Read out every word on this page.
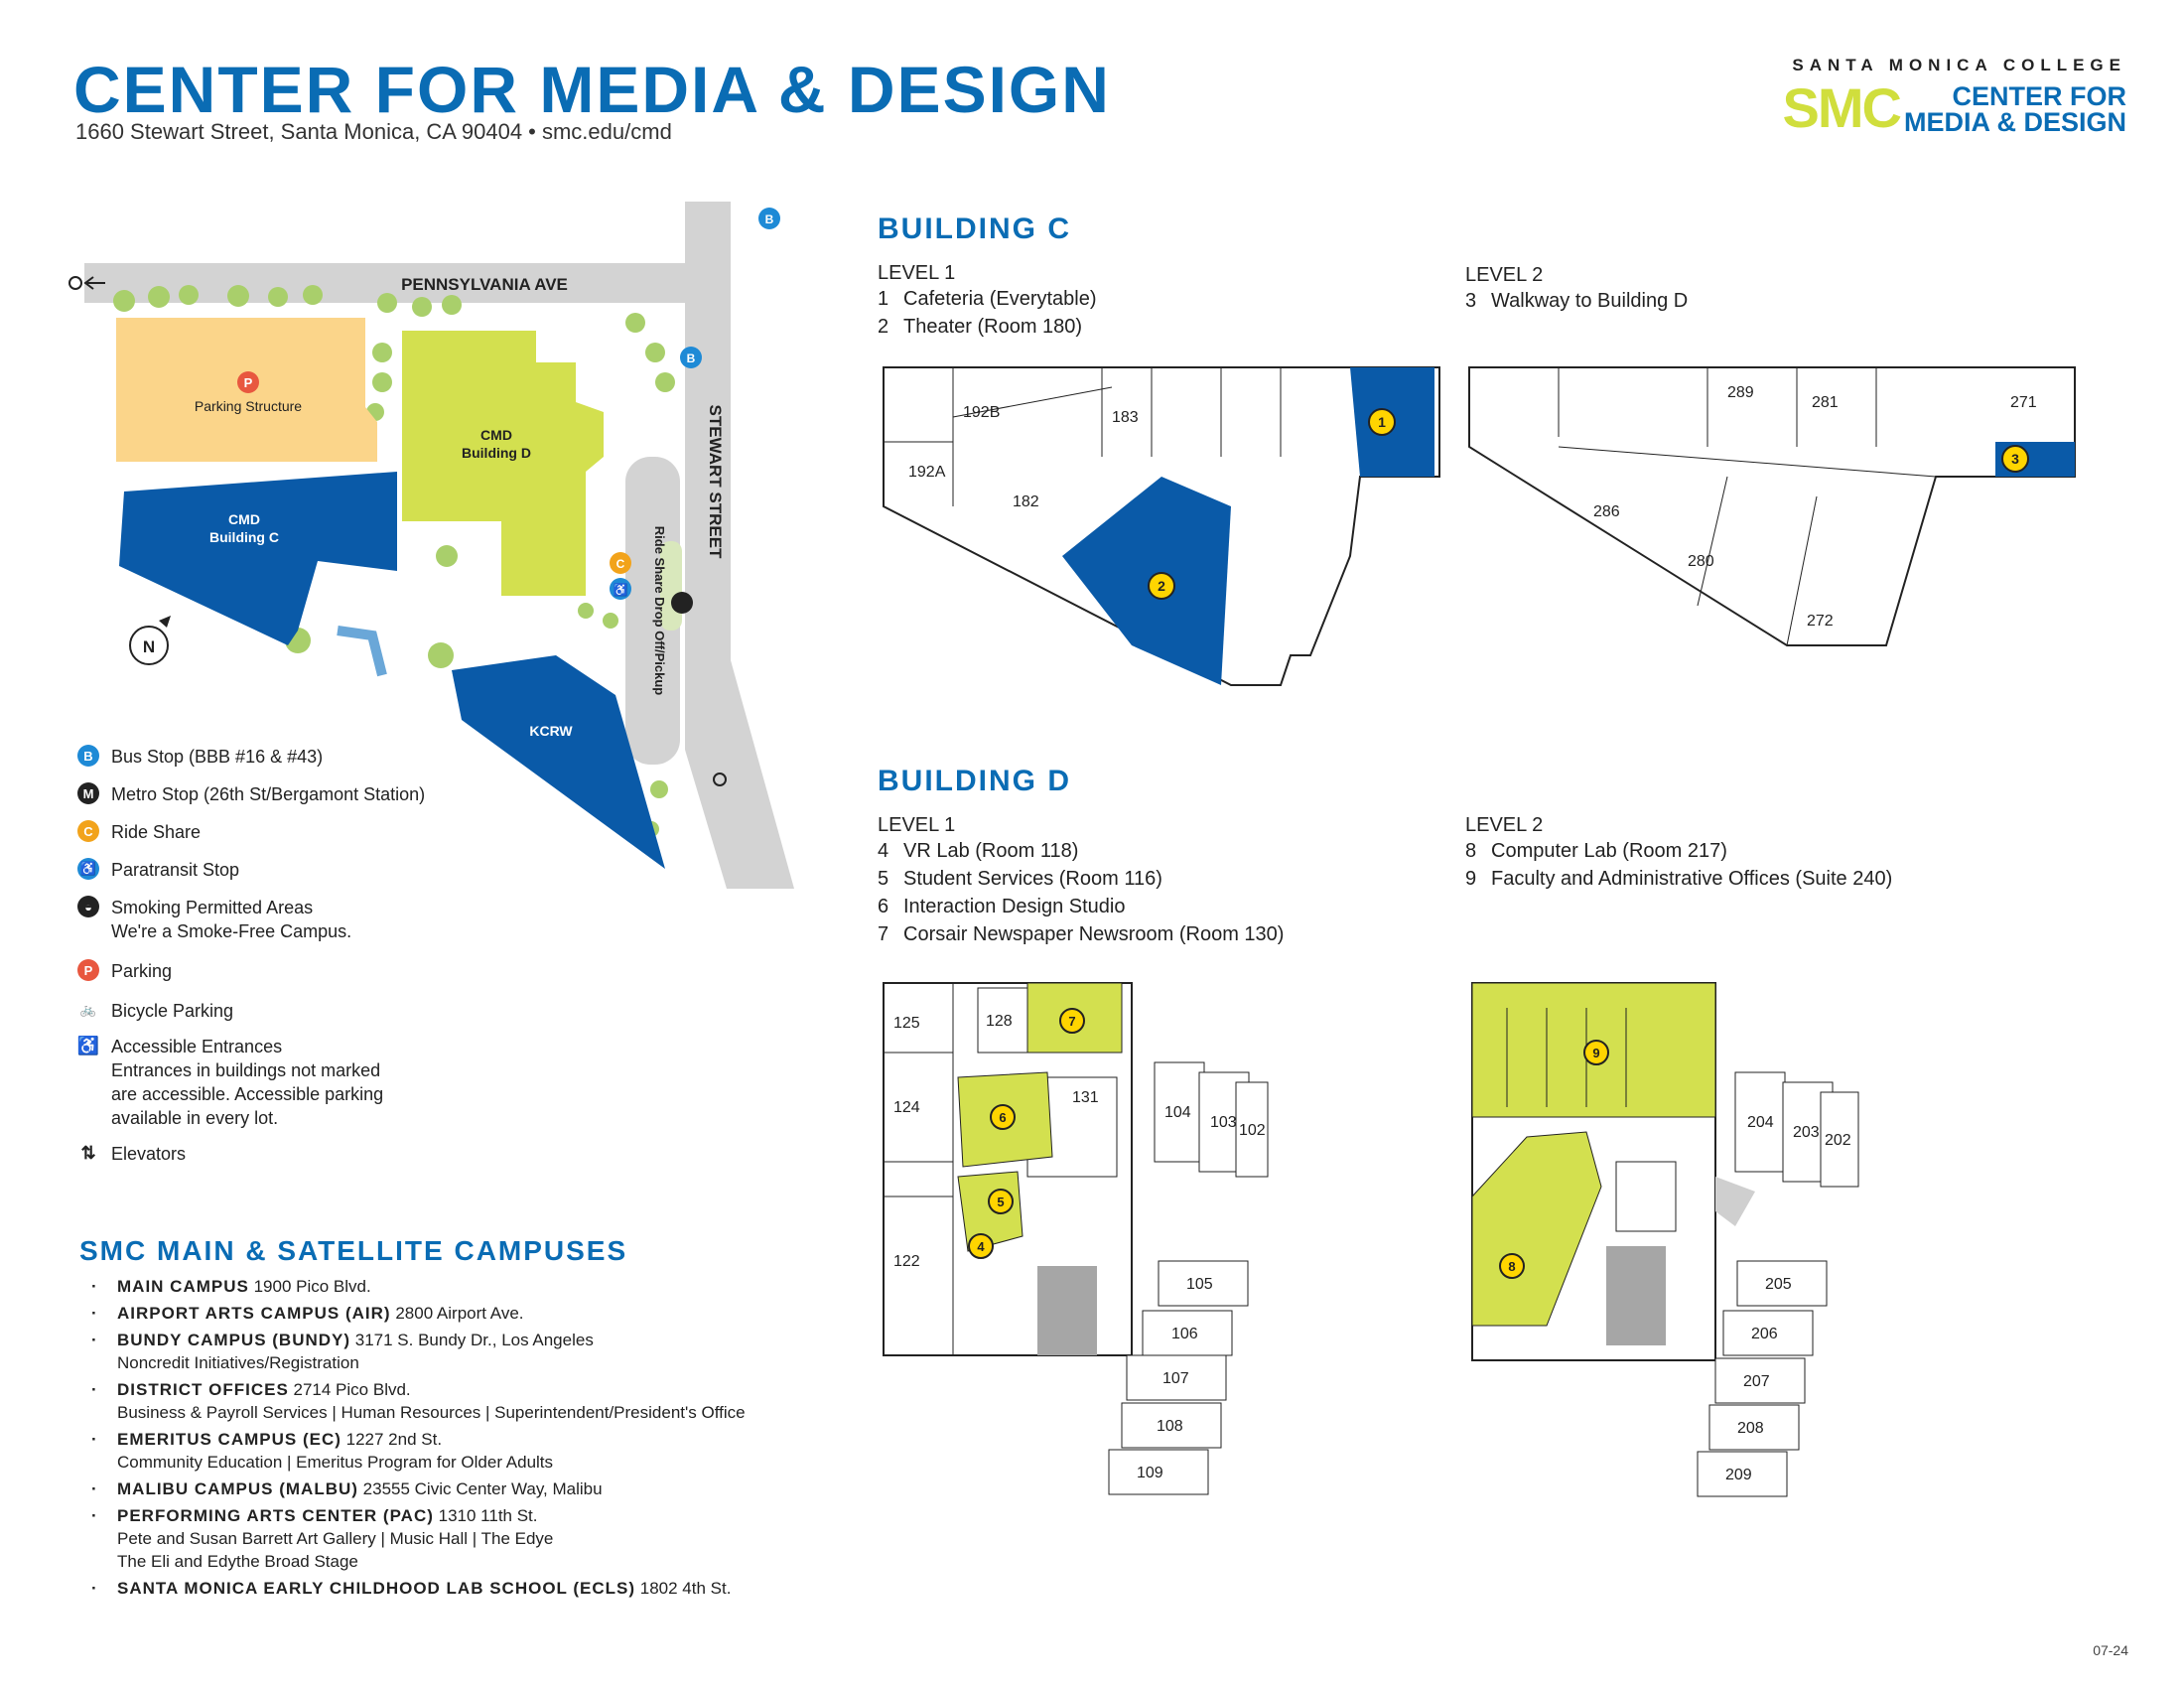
CENTER FOR MEDIA & DESIGN
1660 Stewart Street, Santa Monica, CA 90404 • smc.edu/cmd
SANTA MONICA COLLEGE
SMC CENTER FOR
MEDIA & DESIGN
P
Parking Structure
CMD
Building D
CMD
Building C
KCRW
PENNSYLVANIA AVE
STEWART STREET
Ride Share Drop Off/Pickup
B
B
C
♿
N
B	Bus Stop (BBB #16 & #43)
M Metro Stop (26th St/Bergamont Station)
C	Ride Share
♿ Paratransit Stop
◒	Smoking Permitted Areas
We're a Smoke-Free Campus.
P	Parking
🚲 Bicycle Parking
♿ Accessible Entrances
Entrances in buildings not marked
are accessible. Accessible parking
available in every lot.
⇅ Elevators
SMC MAIN & SATELLITE CAMPUSES
· MAIN CAMPUS 1900 Pico Blvd.
· AIRPORT ARTS CAMPUS (AIR) 2800 Airport Ave.
· BUNDY CAMPUS (BUNDY) 3171 S. Bundy Dr., Los Angeles
Noncredit Initiatives/Registration
· DISTRICT OFFICES 2714 Pico Blvd.
Business & Payroll Services | Human Resources | Superintendent/President's Office
· EMERITUS CAMPUS (EC) 1227 2nd St.
Community Education | Emeritus Program for Older Adults
· MALIBU CAMPUS (MALBU) 23555 Civic Center Way, Malibu
· PERFORMING ARTS CENTER (PAC) 1310 11th St.
Pete and Susan Barrett Art Gallery | Music Hall | The Edye
The Eli and Edythe Broad Stage
· SANTA MONICA EARLY CHILDHOOD LAB SCHOOL (ECLS) 1802 4th St.
BUILDING C
LEVEL 1
1 Cafeteria (Everytable)
2 Theater (Room 180)
LEVEL 2
3 Walkway to Building D
192B	183
192A
182
1
2
289
281	271
286
280
272
3
BUILDING D
LEVEL 1
4 VR Lab (Room 118)
5 Student Services (Room 116)
6 Interaction Design Studio
7 Corsair Newspaper Newsroom (Room 130)
LEVEL 2
8 Computer Lab (Room 217)
9 Faculty and Administrative Offices (Suite 240)
125	128
124
131
104
103 102
122
105
106
107
108
109
4
5
6
7
204
203 202
205
206
207
208
209
8
9
07-24
